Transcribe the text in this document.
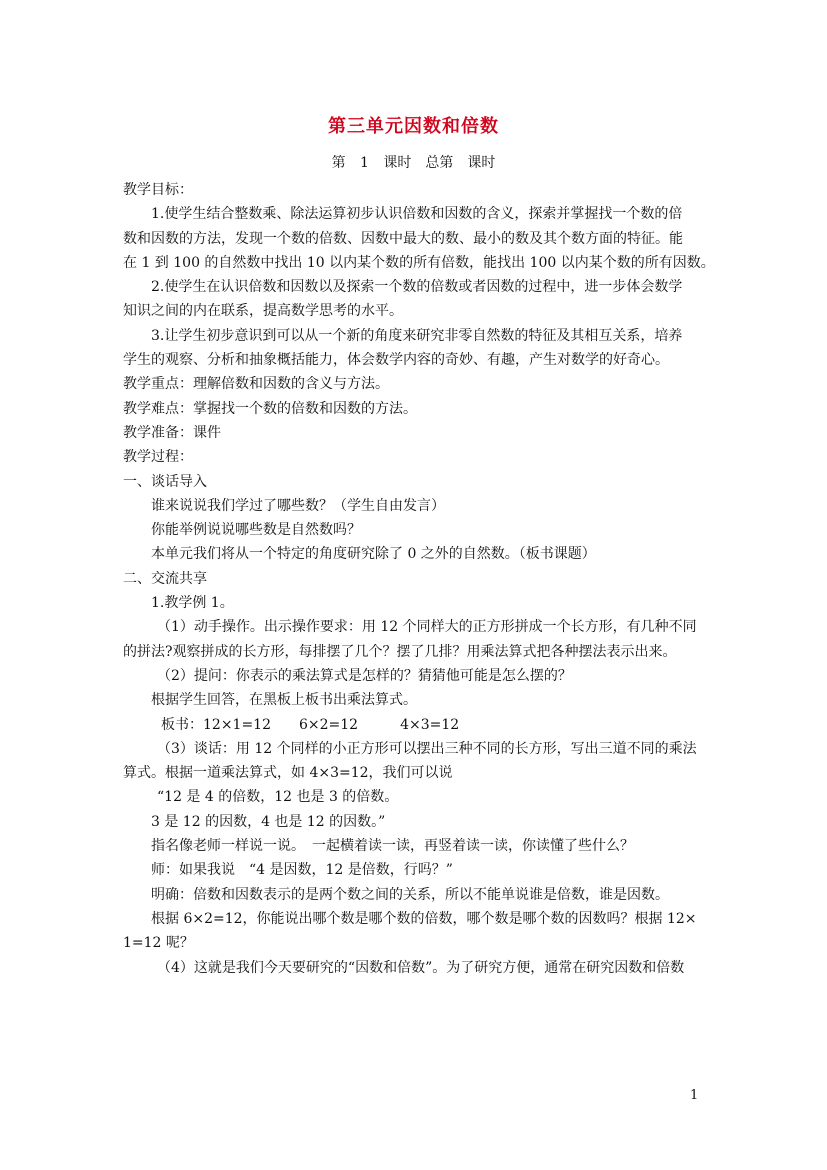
第三单元因数和倍数
第 1 课时　总第　课时
教学目标：
1.使学生结合整数乘、除法运算初步认识倍数和因数的含义，探索并掌握找一个数的倍
数和因数的方法，发现一个数的倍数、因数中最大的数、最小的数及其个数方面的特征。能
在 1 到 100 的自然数中找出 10 以内某个数的所有倍数，能找出 100 以内某个数的所有因数。
2.使学生在认识倍数和因数以及探索一个数的倍数或者因数的过程中，进一步体会数学
知识之间的内在联系，提高数学思考的水平。
3.让学生初步意识到可以从一个新的角度来研究非零自然数的特征及其相互关系，培养
学生的观察、分析和抽象概括能力，体会数学内容的奇妙、有趣，产生对数学的好奇心。
教学重点：理解倍数和因数的含义与方法。
教学难点：掌握找一个数的倍数和因数的方法。
教学准备：课件
教学过程：
一、谈话导入
谁来说说我们学过了哪些数？（学生自由发言）
你能举例说说哪些数是自然数吗？
本单元我们将从一个特定的角度研究除了 0 之外的自然数。（板书课题）
二、交流共享
1.教学例 1。
（1）动手操作。出示操作要求：用 12 个同样大的正方形拼成一个长方形，有几种不同
的拼法?观察拼成的长方形，每排摆了几个？摆了几排？用乘法算式把各种摆法表示出来。
（2）提问：你表示的乘法算式是怎样的？猜猜他可能是怎么摆的？
根据学生回答，在黑板上板书出乘法算式。
板书：12×1=12　　6×2=12　　　4×3=12
（3）谈话：用 12 个同样的小正方形可以摆出三种不同的长方形，写出三道不同的乘法
算式。根据一道乘法算式，如 4×3=12，我们可以说
“12 是 4 的倍数，12 也是 3 的倍数。
3 是 12 的因数，4 也是 12 的因数。”
指名像老师一样说一说。　一起横着读一读，再竖着读一读，你读懂了些什么？
师：如果我说　“4 是因数，12 是倍数，行吗？”
明确：倍数和因数表示的是两个数之间的关系，所以不能单说谁是倍数，谁是因数。
根据 6×2=12，你能说出哪个数是哪个数的倍数，哪个数是哪个数的因数吗？根据 12×
1=12 呢？
（4）这就是我们今天要研究的“因数和倍数”。为了研究方便，通常在研究因数和倍数
1
